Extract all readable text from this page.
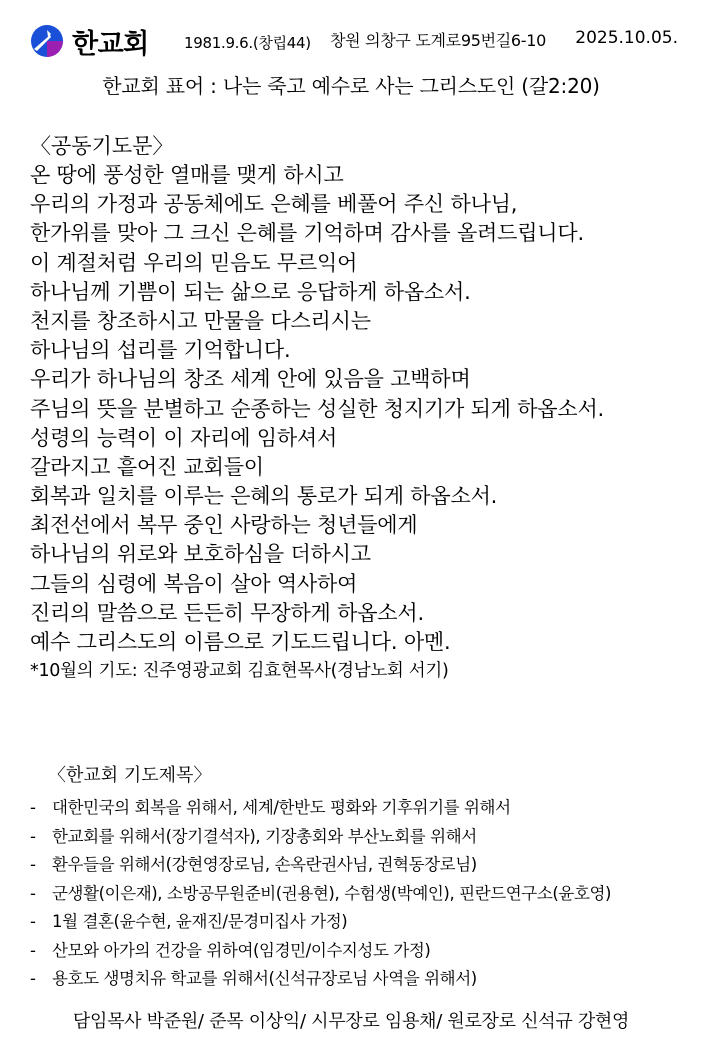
한교회 1981.9.6.(창립44) 창원 의창구 도계로95번길6-10 2025.10.05.
한교회 표어 : 나는 죽고 예수로 사는 그리스도인 (갈2:20)

〈공동기도문〉

온 땅에 풍성한 열매를 맺게 하시고

우리의 가정과 공동체에도 은혜를 베풀어 주신 하나님,

한가위를 맞아 그 크신 은혜를 기억하며 감사를 올려드립니다.

이 계절처럼 우리의 믿음도 무르익어

하나님께 기쁨이 되는 삶으로 응답하게 하옵소서.

천지를 창조하시고 만물을 다스리시는

하나님의 섭리를 기억합니다.

우리가 하나님의 창조 세계 안에 있음을 고백하며

주님의 뜻을 분별하고 순종하는 성실한 청지기가 되게 하옵소서.

성령의 능력이 이 자리에 임하셔서

갈라지고 흩어진 교회들이

회복과 일치를 이루는 은혜의 통로가 되게 하옵소서.

최전선에서 복무 중인 사랑하는 청년들에게

하나님의 위로와 보호하심을 더하시고

그들의 심령에 복음이 살아 역사하여

진리의 말씀으로 든든히 무장하게 하옵소서.

예수 그리스도의 이름으로 기도드립니다. 아멘.

*10월의 기도: 진주영광교회 김효현목사(경남노회 서기)

〈한교회 기도제목〉

- 대한민국의 회복을 위해서, 세계/한반도 평화와 기후위기를 위해서

- 한교회를 위해서(장기결석자), 기장총회와 부산노회를 위해서

- 환우들을 위해서(강현영장로님, 손옥란권사님, 권혁동장로님)

- 군생활(이은재), 소방공무원준비(권용현), 수험생(박예인), 핀란드연구소(윤호영)

- 1월 결혼(윤수현, 윤재진/문경미집사 가정)

- 산모와 아가의 건강을 위하여(임경민/이수지성도 가정)

- 용호도 생명치유 학교를 위해서(신석규장로님 사역을 위해서)

담임목사 박준원/ 준목 이상익/ 시무장로 임용채/ 원로장로 신석규 강현영
